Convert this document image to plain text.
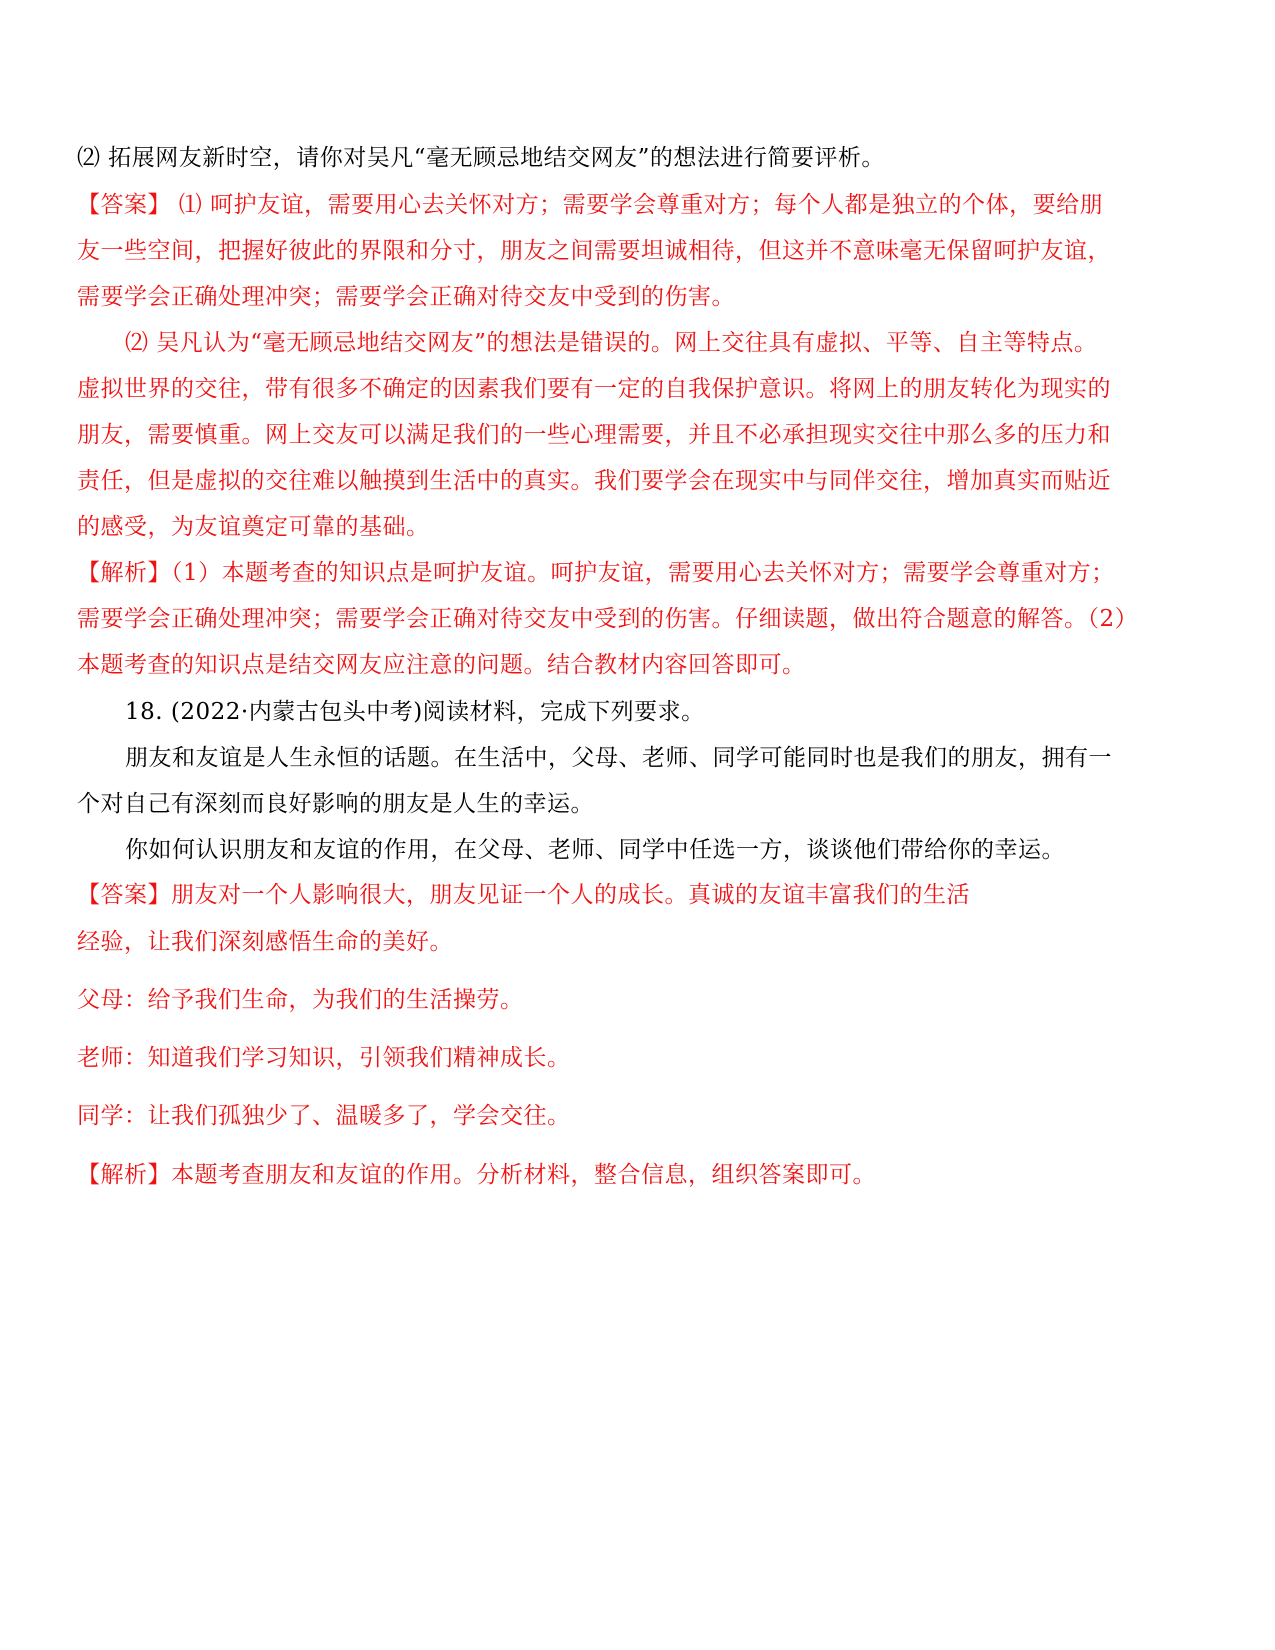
⑵ 拓展网友新时空，请你对吴凡“毫无顾忌地结交网友”的想法进行简要评析。
【答案】 ⑴ 呵护友谊，需要用心去关怀对方；需要学会尊重对方；每个人都是独立的个体，要给朋
友一些空间，把握好彼此的界限和分寸，朋友之间需要坦诚相待，但这并不意味毫无保留呵护友谊，
需要学会正确处理冲突；需要学会正确对待交友中受到的伤害。
⑵ 吴凡认为“毫无顾忌地结交网友”的想法是错误的。网上交往具有虚拟、平等、自主等特点。
虚拟世界的交往，带有很多不确定的因素我们要有一定的自我保护意识。将网上的朋友转化为现实的
朋友，需要慎重。网上交友可以满足我们的一些心理需要，并且不必承担现实交往中那么多的压力和
责任，但是虚拟的交往难以触摸到生活中的真实。我们要学会在现实中与同伴交往，增加真实而贴近
的感受，为友谊奠定可靠的基础。
【解析】（1）本题考查的知识点是呵护友谊。呵护友谊，需要用心去关怀对方；需要学会尊重对方；
需要学会正确处理冲突；需要学会正确对待交友中受到的伤害。仔细读题，做出符合题意的解答。（2）
本题考查的知识点是结交网友应注意的问题。结合教材内容回答即可。
18. (2022·内蒙古包头中考)阅读材料，完成下列要求。
朋友和友谊是人生永恒的话题。在生活中，父母、老师、同学可能同时也是我们的朋友，拥有一
个对自己有深刻而良好影响的朋友是人生的幸运。
你如何认识朋友和友谊的作用，在父母、老师、同学中任选一方，谈谈他们带给你的幸运。
【答案】朋友对一个人影响很大，朋友见证一个人的成长。真诚的友谊丰富我们的生活
经验，让我们深刻感悟生命的美好。
父母：给予我们生命，为我们的生活操劳。
老师：知道我们学习知识，引领我们精神成长。
同学：让我们孤独少了、温暖多了，学会交往。
【解析】本题考查朋友和友谊的作用。分析材料，整合信息，组织答案即可。
